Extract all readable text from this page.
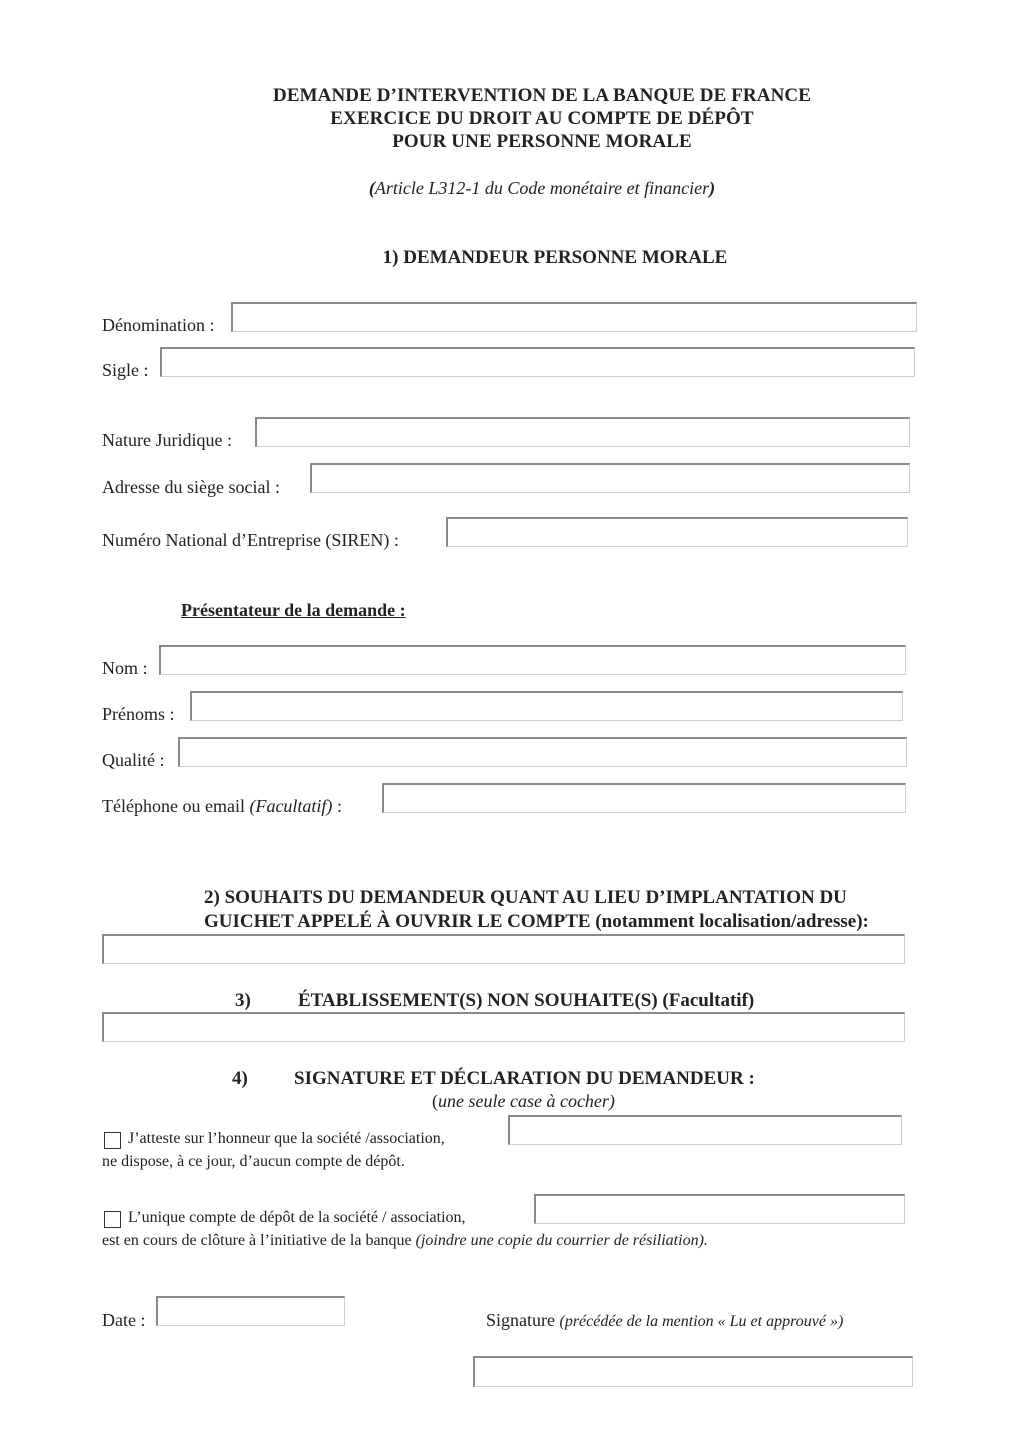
DEMANDE D’INTERVENTION DE LA BANQUE DE FRANCE
EXERCICE DU DROIT AU COMPTE DE DÉPÔT
POUR UNE PERSONNE MORALE
(Article L312-1 du Code monétaire et financier)
1) DEMANDEUR PERSONNE MORALE
Dénomination :
Sigle :
Nature Juridique :
Adresse du siège social :
Numéro National d’Entreprise (SIREN) :
Présentateur de la demande :
Nom :
Prénoms :
Qualité :
Téléphone ou email (Facultatif) :
2) SOUHAITS DU DEMANDEUR QUANT AU LIEU D’IMPLANTATION DU
GUICHET APPELÉ À OUVRIR LE COMPTE (notamment localisation/adresse):
3) ÉTABLISSEMENT(S) NON SOUHAITE(S) (Facultatif)
4) SIGNATURE ET DÉCLARATION DU DEMANDEUR :
(une seule case à cocher)
J’atteste sur l’honneur que la société /association,
ne dispose, à ce jour, d’aucun compte de dépôt.
L’unique compte de dépôt de la société / association,
est en cours de clôture à l’initiative de la banque (joindre une copie du courrier de résiliation).
Date :	Signature (précédée de la mention « Lu et approuvé »)
